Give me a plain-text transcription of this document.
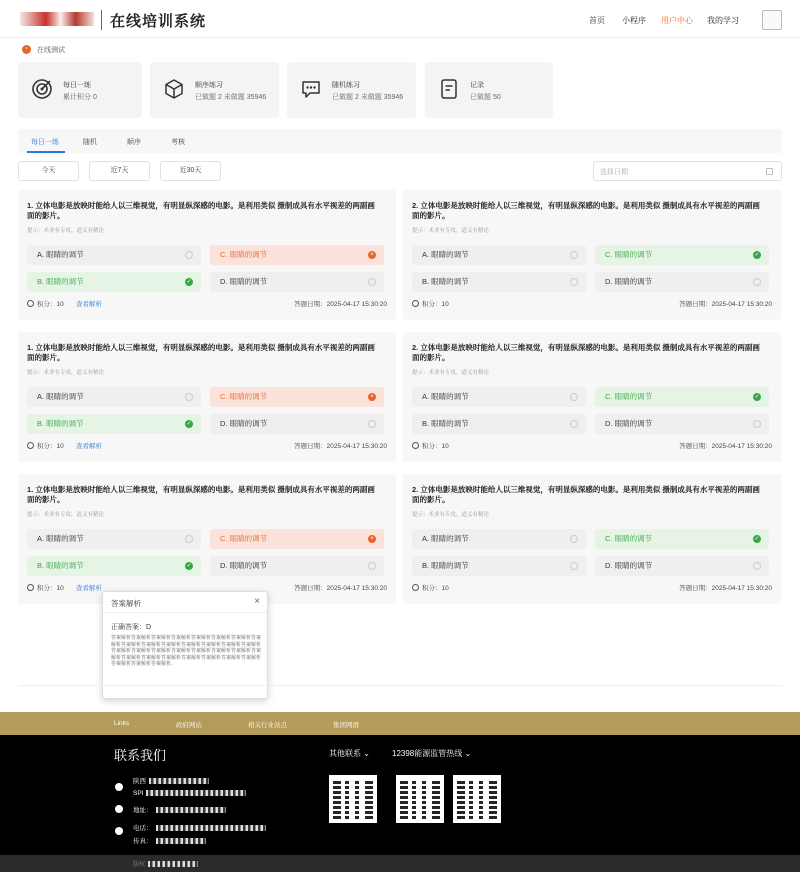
在线培训系统	首页 小程序 用户中心 我的学习
‹	在线测试
每日一练
累计积分 0
顺序练习
已做题 2 未做题 35946
随机练习
已做题 2 未做题 35946
记录
已做题 50
每日一练	随机	顺序	考核
今天	近7天	近30天	选择日期
1. 立体电影是放映时能给人以三维视觉，有明显纵深感的电影。是利用类似 摄制成具有水平视差的两副画面的影片。
提示：术业有专攻，道义有精论
A. 眼睛的调节	C. 眼睛的调节	×
B. 眼睛的调节	✓	D. 眼睛的调节
积分：10 查看解析	答题日期：2025-04-17 15:30:20
2. 立体电影是放映时能给人以三维视觉，有明显纵深感的电影。是利用类似 摄制成具有水平视差的两副画面的影片。
提示：术业有专攻，道义有精论
A. 眼睛的调节	C. 眼睛的调节	✓
B. 眼睛的调节	D. 眼睛的调节
积分：10	答题日期：2025-04-17 15:30:20
1. 立体电影是放映时能给人以三维视觉，有明显纵深感的电影。是利用类似 摄制成具有水平视差的两副画面的影片。
提示：术业有专攻，道义有精论
A. 眼睛的调节	C. 眼睛的调节	×
B. 眼睛的调节	✓	D. 眼睛的调节
积分：10 查看解析	答题日期：2025-04-17 15:30:20
2. 立体电影是放映时能给人以三维视觉，有明显纵深感的电影。是利用类似 摄制成具有水平视差的两副画面的影片。
提示：术业有专攻，道义有精论
A. 眼睛的调节	C. 眼睛的调节	✓
B. 眼睛的调节	D. 眼睛的调节
积分：10	答题日期：2025-04-17 15:30:20
1. 立体电影是放映时能给人以三维视觉，有明显纵深感的电影。是利用类似 摄制成具有水平视差的两副画面的影片。
提示：术业有专攻，道义有精论
A. 眼睛的调节	C. 眼睛的调节	×
B. 眼睛的调节	✓	D. 眼睛的调节
积分：10 查看解析	答题日期：2025-04-17 15:30:20
2. 立体电影是放映时能给人以三维视觉，有明显纵深感的电影。是利用类似 摄制成具有水平视差的两副画面的影片。
提示：术业有专攻，道义有精论
A. 眼睛的调节	C. 眼睛的调节	✓
B. 眼睛的调节	D. 眼睛的调节
积分：10	答题日期：2025-04-17 15:30:20
答案解析	×
正确答案：D
答案解析答案解析答案解析答案解析答案解析答案解析答案解析答案解析答案解析答案解析答案解析答案解析答案解析答案解析答案解析答案解析答案解析答案解析答案解析答案解析答案解析答案解析答案解析答案解析答案解析答案解析答案解析答案解析答案解析答案解析答案解析答案解析答案解析。
Links	政府网站	相关行业站点	集团网群
联系我们	其他联系 ⌄	12398能源监管热线 ⌄
陕西
SPI
地址：
电话：
传真：
版权
